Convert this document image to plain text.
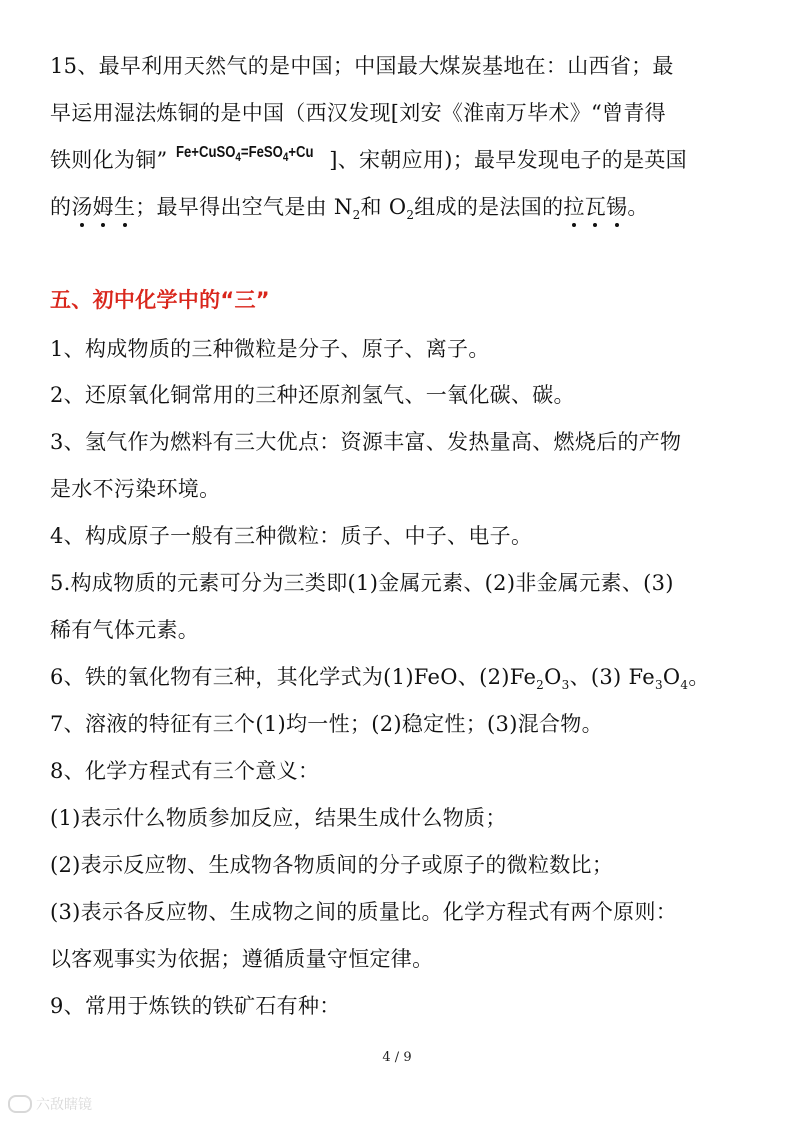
15、最早利用天然气的是中国；中国最大煤炭基地在：山西省；最
早运用湿法炼铜的是中国（西汉发现[刘安《淮南万毕术》“曾青得
铁则化为铜” Fe+CuSO$_4$=FeSO$_4$+Cu ]、宋朝应用)；最早发现电子的是英国
的汤姆生；最早得出空气是由 $N_2$和 $O_2$组成的是法国的拉瓦锡。
五、初中化学中的“三”
1、构成物质的三种微粒是分子、原子、离子。
2、还原氧化铜常用的三种还原剂氢气、一氧化碳、碳。
3、氢气作为燃料有三大优点：资源丰富、发热量高、燃烧后的产物
是水不污染环境。
4、构成原子一般有三种微粒：质子、中子、电子。
5.构成物质的元素可分为三类即(1)金属元素、(2)非金属元素、(3)
稀有气体元素。
6、铁的氧化物有三种，其化学式为(1)FeO、$(2)Fe_2O_3$、(3) $Fe_3O_4$。
7、溶液的特征有三个(1)均一性；(2)稳定性；(3)混合物。
8、化学方程式有三个意义：
(1)表示什么物质参加反应，结果生成什么物质；
(2)表示反应物、生成物各物质间的分子或原子的微粒数比；
(3)表示各反应物、生成物之间的质量比。化学方程式有两个原则：
以客观事实为依据；遵循质量守恒定律。
9、常用于炼铁的铁矿石有种：
4 / 9
六敌瞎镜
